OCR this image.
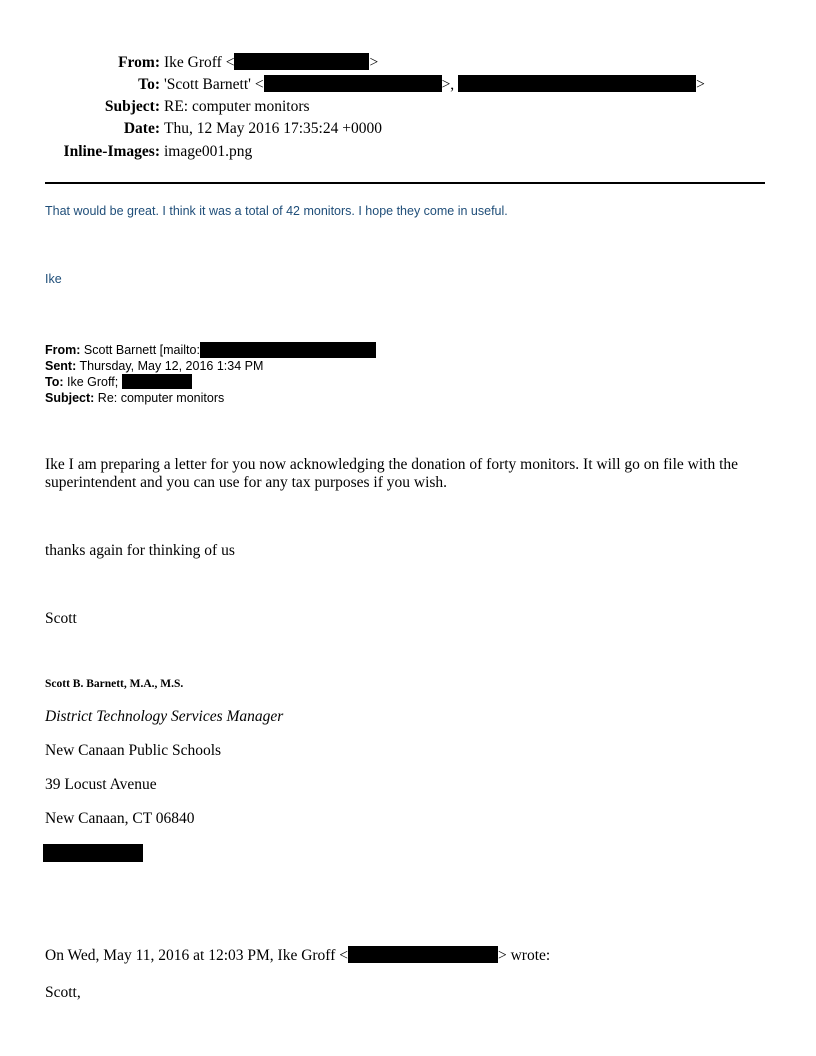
From: Ike Groff <	>
To: 'Scott Barnett' <	>,	>
Subject: RE: computer monitors
Date: Thu, 12 May 2016 17:35:24 +0000
Inline-Images: image001.png
That would be great. I think it was a total of 42 monitors. I hope they come in useful.
Ike
From: Scott Barnett [mailto:
Sent: Thursday, May 12, 2016 1:34 PM
To: Ike Groff;
Subject: Re: computer monitors
Ike I am preparing a letter for you now acknowledging the donation of forty monitors. It will go on file with the
superintendent and you can use for any tax purposes if you wish.
thanks again for thinking of us
Scott
Scott B. Barnett, M.A., M.S.
District Technology Services Manager
New Canaan Public Schools
39 Locust Avenue
New Canaan, CT 06840
On Wed, May 11, 2016 at 12:03 PM, Ike Groff <	> wrote:
Scott,
